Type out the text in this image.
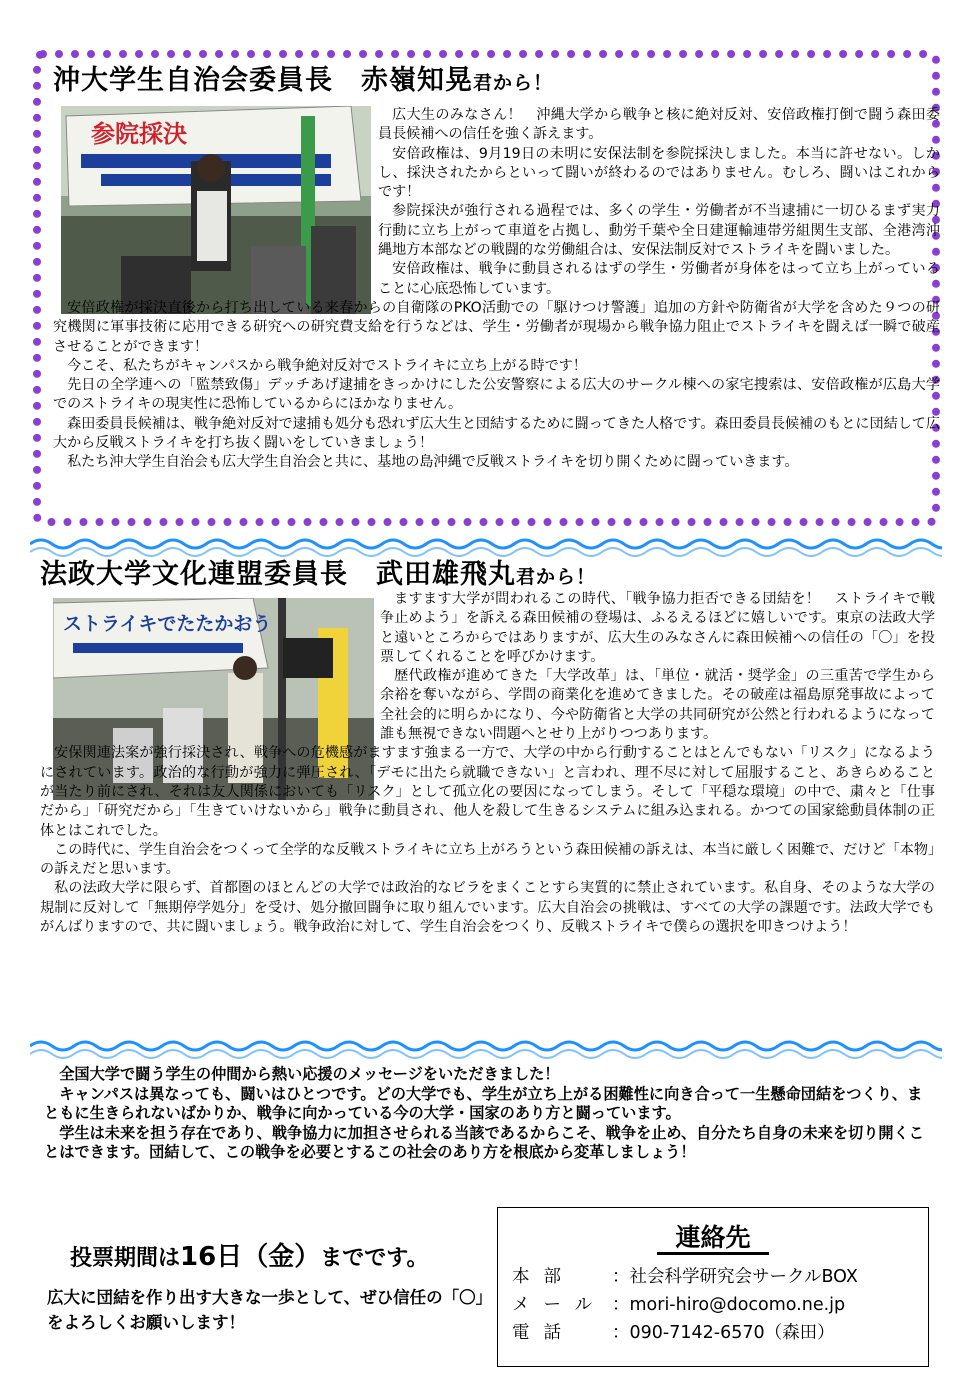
沖大学生自治会委員長　赤嶺知晃君から！
参院採決

広大生のみなさん！　沖縄大学から戦争と核に絶対反対、安倍政権打倒で闘う森田委員長候補への信任を強く訴えます。

安倍政権は、9月19日の未明に安保法制を参院採決しました。本当に許せない。しかし、採決されたからといって闘いが終わるのではありません。むしろ、闘いはこれからです！

参院採決が強行される過程では、多くの学生・労働者が不当逮捕に一切ひるまず実力行動に立ち上がって車道を占拠し、動労千葉や全日建運輸連帯労組関生支部、全港湾沖縄地方本部などの戦闘的な労働組合は、安保法制反対でストライキを闘いました。

安倍政権は、戦争に動員されるはずの学生・労働者が身体をはって立ち上がっていることに心底恐怖しています。

安倍政権が採決直後から打ち出している来春からの自衛隊のPKO活動での「駆けつけ警護」追加の方針や防衛省が大学を含めた９つの研究機関に軍事技術に応用できる研究への研究費支給を行うなどは、学生・労働者が現場から戦争協力阻止でストライキを闘えば一瞬で破産させることができます！

今こそ、私たちがキャンパスから戦争絶対反対でストライキに立ち上がる時です！

先日の全学連への「監禁致傷」デッチあげ逮捕をきっかけにした公安警察による広大のサークル棟への家宅捜索は、安倍政権が広島大学でのストライキの現実性に恐怖しているからにほかなりません。

森田委員長候補は、戦争絶対反対で逮捕も処分も恐れず広大生と団結するために闘ってきた人格です。森田委員長候補のもとに団結して広大から反戦ストライキを打ち抜く闘いをしていきましょう！

私たち沖大学生自治会も広大学生自治会と共に、基地の島沖縄で反戦ストライキを切り開くために闘っていきます。

法政大学文化連盟委員長　武田雄飛丸君から！
ストライキでたたかおう

ますます大学が問われるこの時代、「戦争協力拒否できる団結を！　ストライキで戦争止めよう」を訴える森田候補の登場は、ふるえるほどに嬉しいです。東京の法政大学と遠いところからではありますが、広大生のみなさんに森田候補への信任の「〇」を投票してくれることを呼びかけます。

歴代政権が進めてきた「大学改革」は、「単位・就活・奨学金」の三重苦で学生から余裕を奪いながら、学問の商業化を進めてきました。その破産は福島原発事故によって全社会的に明らかになり、今や防衛省と大学の共同研究が公然と行われるようになって誰も無視できない問題へとせり上がりつつあります。

安保関連法案が強行採決され、戦争への危機感がますます強まる一方で、大学の中から行動することはとんでもない「リスク」になるようにされています。政治的な行動が強力に弾圧され、「デモに出たら就職できない」と言われ、理不尽に対して屈服すること、あきらめることが当たり前にされ、それは友人関係においても「リスク」として孤立化の要因になってしまう。そして「平穏な環境」の中で、粛々と「仕事だから」「研究だから」「生きていけないから」戦争に動員され、他人を殺して生きるシステムに組み込まれる。かつての国家総動員体制の正体とはこれでした。

この時代に、学生自治会をつくって全学的な反戦ストライキに立ち上がろうという森田候補の訴えは、本当に厳しく困難で、だけど「本物」の訴えだと思います。

私の法政大学に限らず、首都圏のほとんどの大学では政治的なビラをまくことすら実質的に禁止されています。私自身、そのような大学の規制に反対して「無期停学処分」を受け、処分撤回闘争に取り組んでいます。広大自治会の挑戦は、すべての大学の課題です。法政大学でもがんばりますので、共に闘いましょう。戦争政治に対して、学生自治会をつくり、反戦ストライキで僕らの選択を叩きつけよう！

全国大学で闘う学生の仲間から熱い応援のメッセージをいただきました！

キャンパスは異なっても、闘いはひとつです。どの大学でも、学生が立ち上がる困難性に向き合って一生懸命団結をつくり、まともに生きられないばかりか、戦争に向かっている今の大学・国家のあり方と闘っています。

学生は未来を担う存在であり、戦争協力に加担させられる当該であるからこそ、戦争を止め、自分たち自身の未来を切り開くことはできます。団結して、この戦争を必要とするこの社会のあり方を根底から変革しましょう！

投票期間は16日（金）までです。
広大に団結を作り出す大きな一歩として、ぜひ信任の「〇」をよろしくお願いします！
連絡先
本部 ：社会科学研究会サークルBOX
メール ：mori-hiro@docomo.ne.jp
電話 ：090-7142-6570（森田）
